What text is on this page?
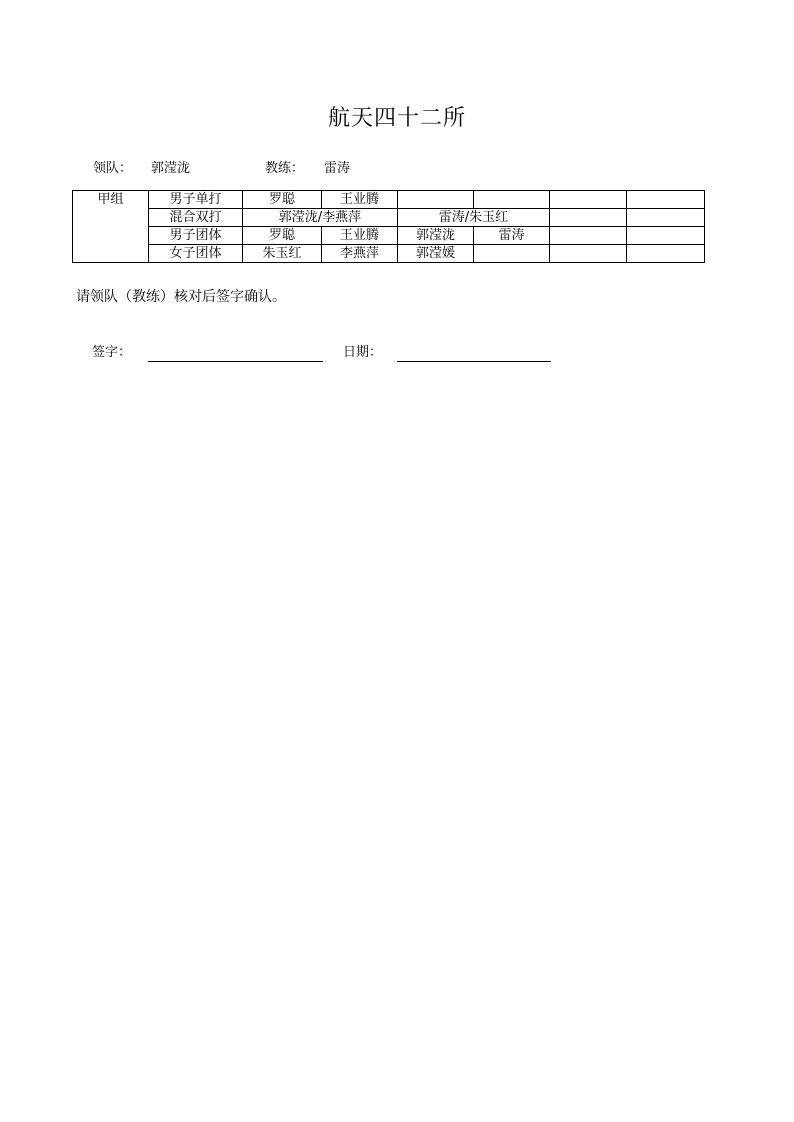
航天四十二所
领队： 郭滢泷	教练： 雷涛
甲组	男子单打	罗聪	王业腾				
	混合双打	郭滢泷/李燕萍		雷涛/朱玉红			
	男子团体	罗聪	王业腾	郭滢泷	雷涛		
	女子团体	朱玉红	李燕萍	郭滢媛			
请领队（教练）核对后签字确认。
签字：	日期：
